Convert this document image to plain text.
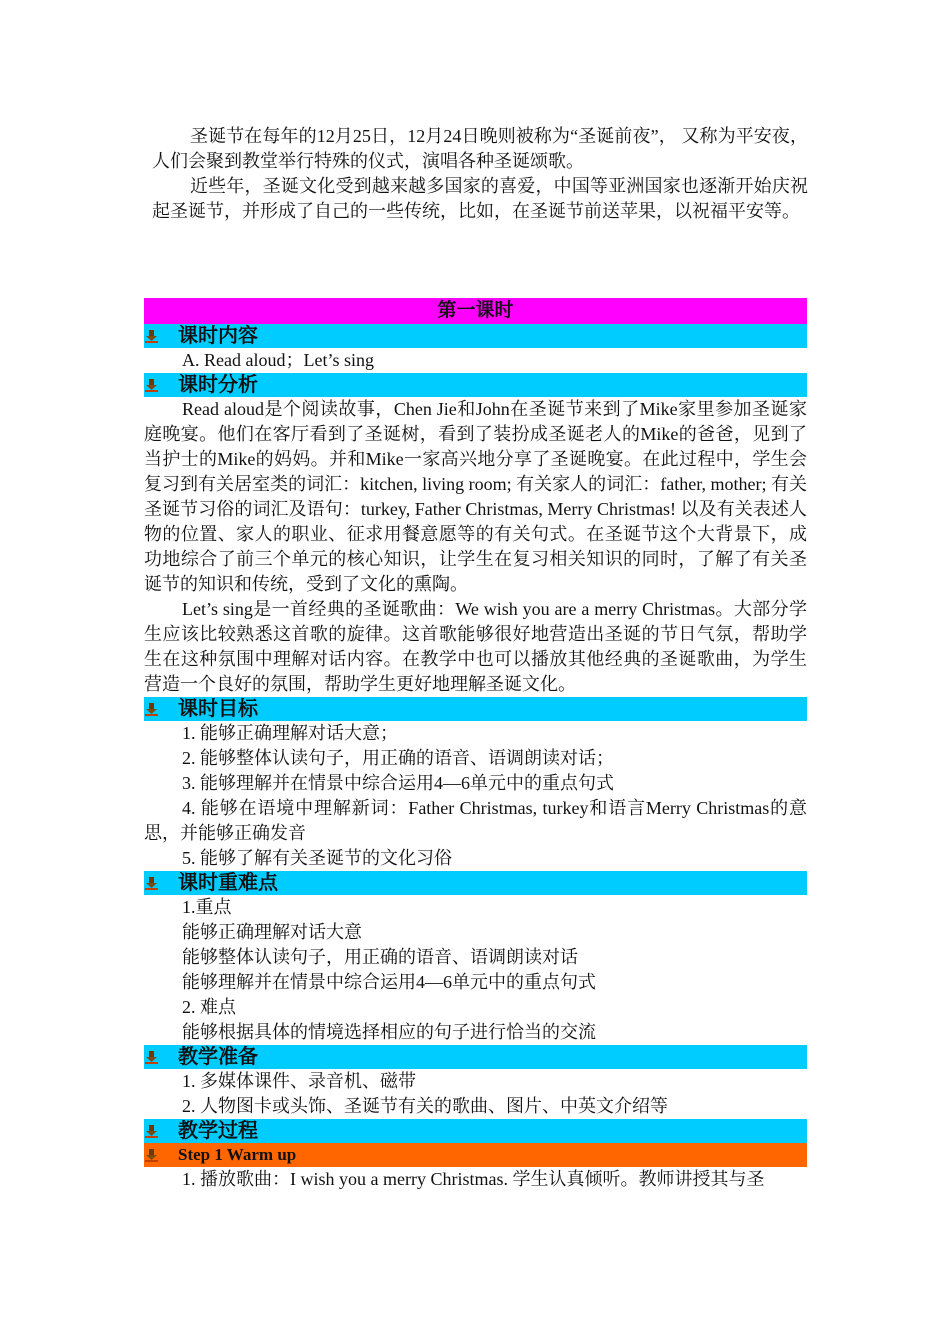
圣诞节在每年的12月25日，12月24日晚则被称为“圣诞前夜”， 又称为平安夜，人们会聚到教堂举行特殊的仪式，演唱各种圣诞颂歌。

近些年，圣诞文化受到越来越多国家的喜爱，中国等亚洲国家也逐渐开始庆祝起圣诞节，并形成了自己的一些传统，比如，在圣诞节前送苹果，以祝福平安等。

第一课时
课时内容
A. Read aloud；Let’s sing
课时分析

Read aloud是个阅读故事，Chen Jie和John在圣诞节来到了Mike家里参加圣诞家庭晚宴。他们在客厅看到了圣诞树，看到了装扮成圣诞老人的Mike的爸爸，见到了当护士的Mike的妈妈。并和Mike一家高兴地分享了圣诞晚宴。在此过程中，学生会复习到有关居室类的词汇：kitchen, living room; 有关家人的词汇：father, mother; 有关圣诞节习俗的词汇及语句：turkey, Father Christmas, Merry Christmas! 以及有关表述人物的位置、家人的职业、征求用餐意愿等的有关句式。在圣诞节这个大背景下，成功地综合了前三个单元的核心知识，让学生在复习相关知识的同时，了解了有关圣诞节的知识和传统，受到了文化的熏陶。

Let’s sing是一首经典的圣诞歌曲：We wish you are a merry Christmas。大部分学生应该比较熟悉这首歌的旋律。这首歌能够很好地营造出圣诞的节日气氛，帮助学生在这种氛围中理解对话内容。在教学中也可以播放其他经典的圣诞歌曲，为学生营造一个良好的氛围，帮助学生更好地理解圣诞文化。

课时目标
1. 能够正确理解对话大意；
2. 能够整体认读句子，用正确的语音、语调朗读对话；
3. 能够理解并在情景中综合运用4—6单元中的重点句式

4. 能够在语境中理解新词：Father Christmas, turkey和语言Merry Christmas的意思，并能够正确发音

5. 能够了解有关圣诞节的文化习俗
课时重难点
1.重点
能够正确理解对话大意
能够整体认读句子，用正确的语音、语调朗读对话
能够理解并在情景中综合运用4—6单元中的重点句式
2. 难点
能够根据具体的情境选择相应的句子进行恰当的交流
教学准备
1. 多媒体课件、录音机、磁带
2. 人物图卡或头饰、圣诞节有关的歌曲、图片、中英文介绍等
教学过程
Step 1 Warm up
1. 播放歌曲：I wish you a merry Christmas. 学生认真倾听。教师讲授其与圣
